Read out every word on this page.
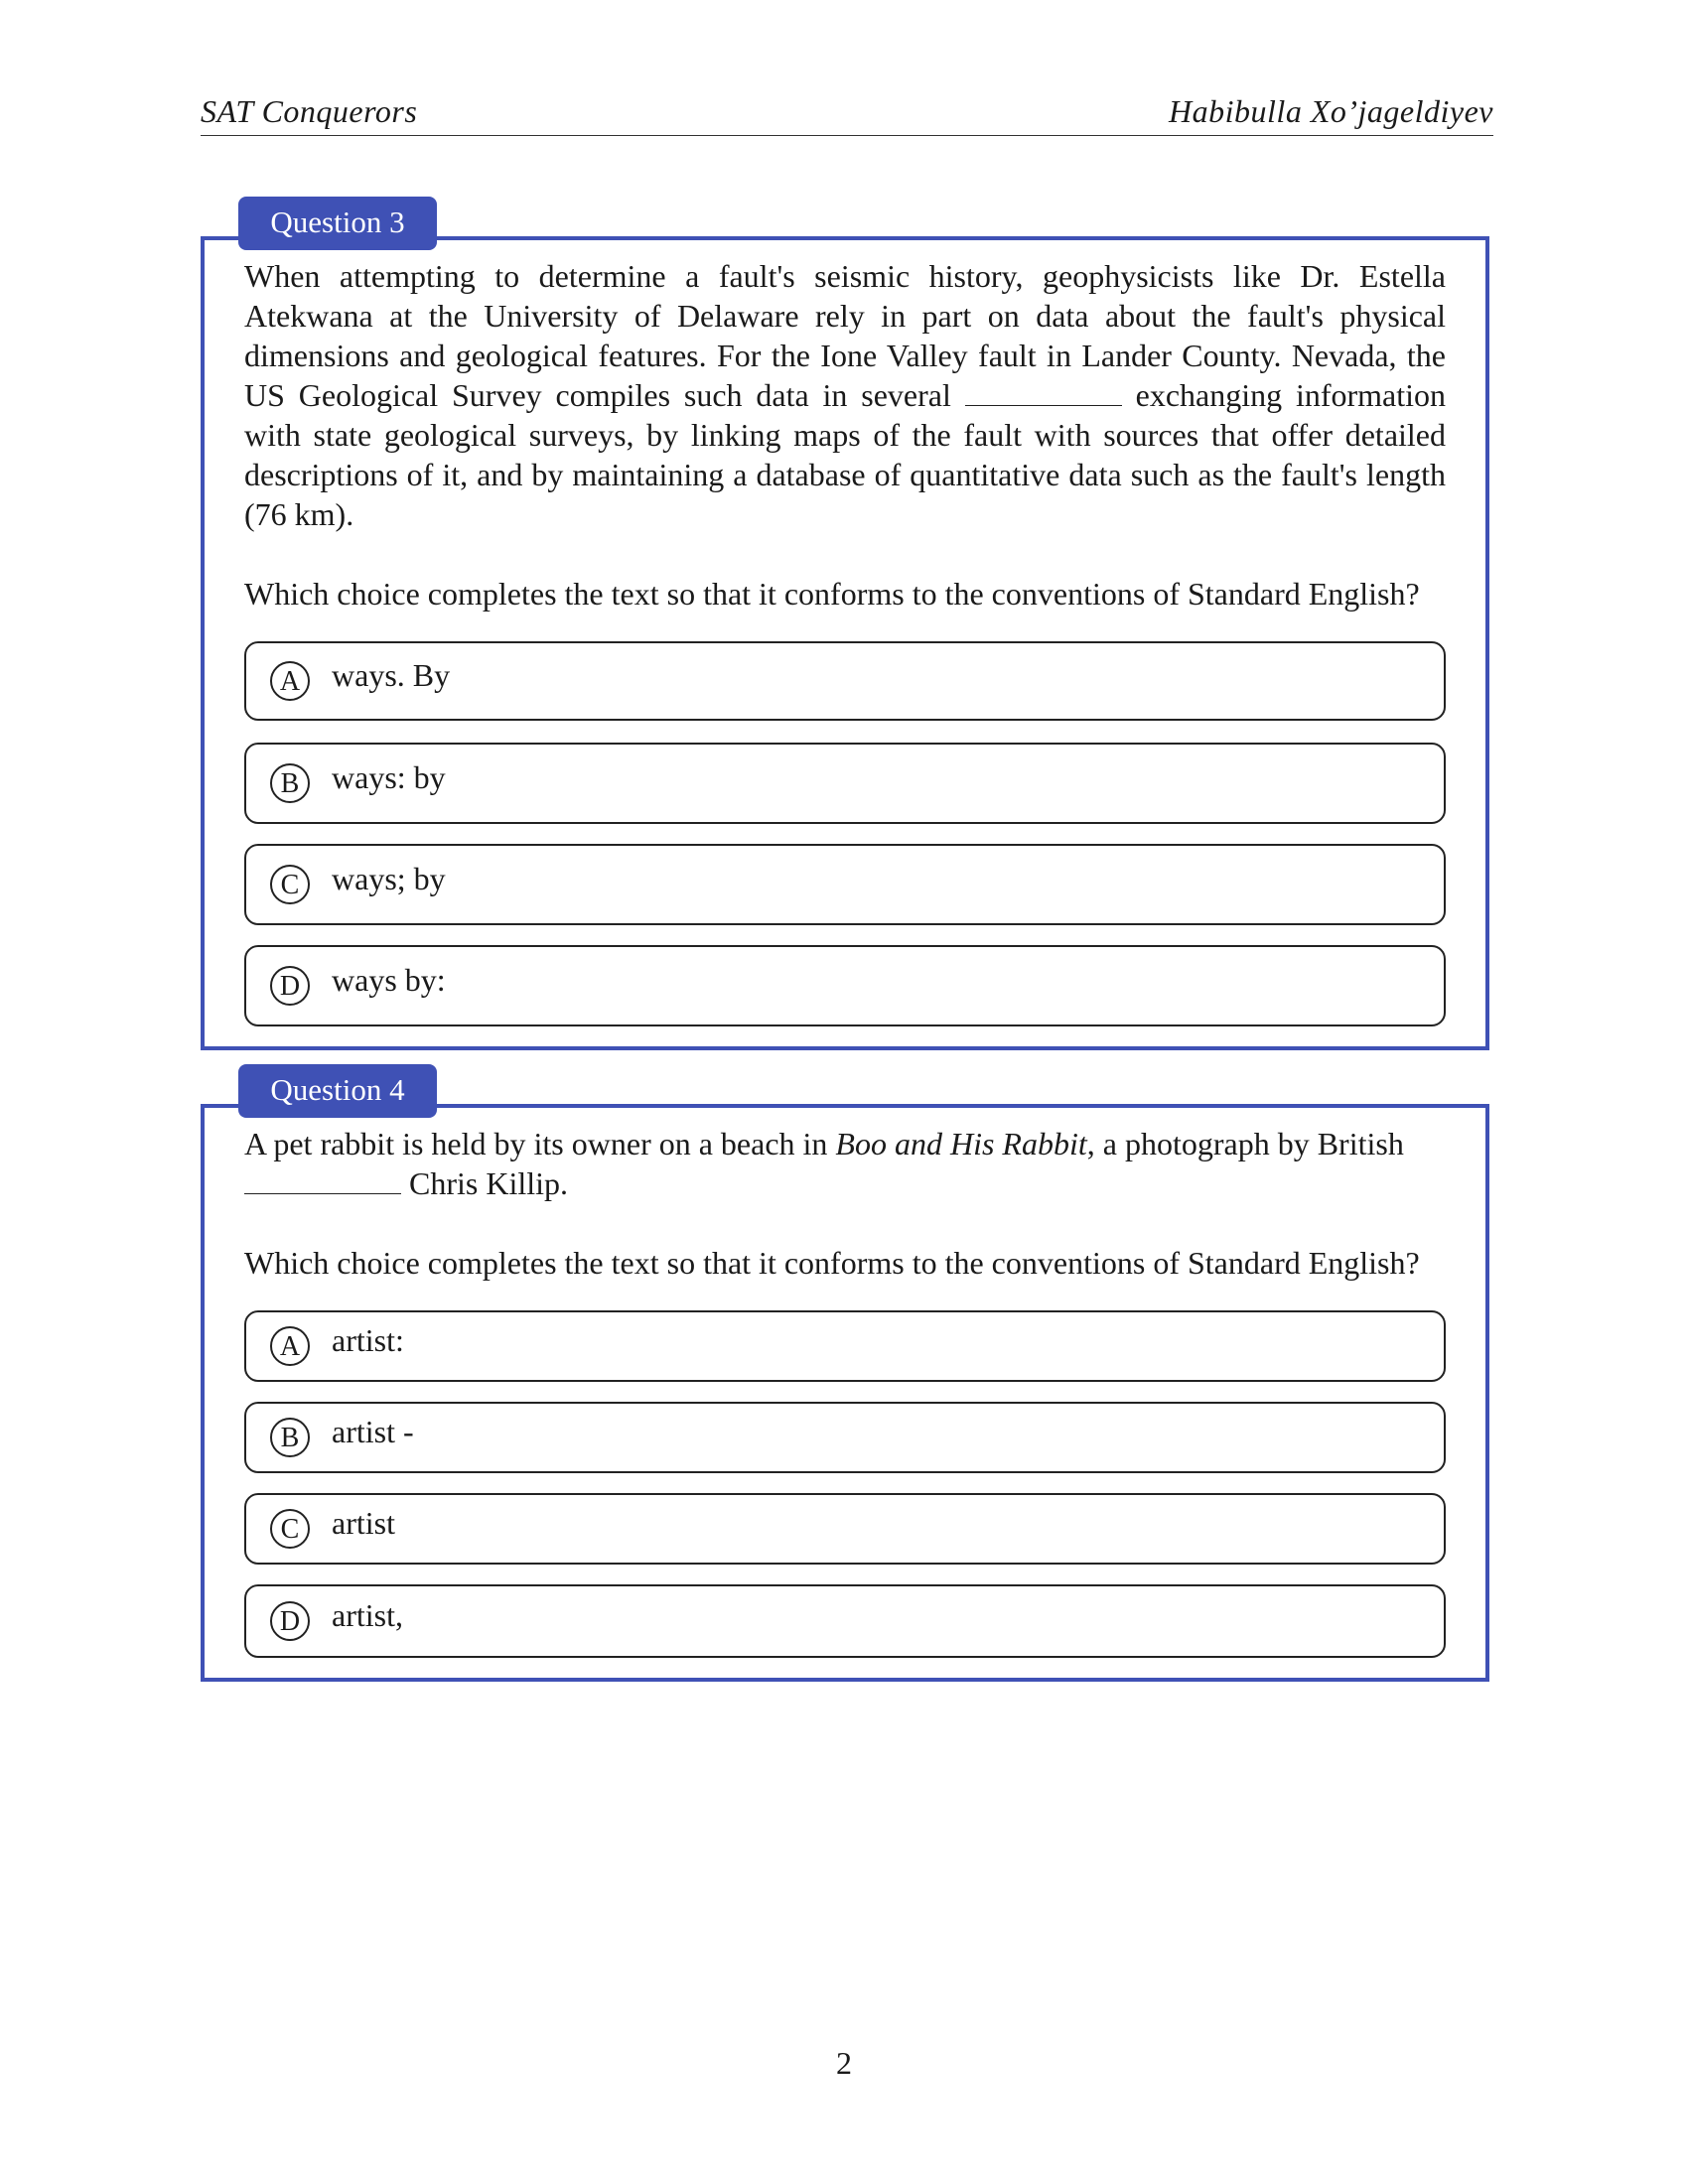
SAT Conquerors	Habibulla Xo’jageldiyev
Question 3

When attempting to determine a fault's seismic history, geophysicists like Dr. Estella Atekwana at the University of Delaware rely in part on data about the fault's physical dimensions and geological features. For the Ione Valley fault in Lander County. Nevada, the US Geological Survey compiles such data in several	exchanging information with state geological surveys, by linking maps of the fault with sources that offer detailed descriptions of it, and by maintaining a database of quantitative data such as the fault's length (76 km).

Which choice completes the text so that it conforms to the conventions of Standard English?

A ways. By
B	ways: by
C	ways; by
D ways by:
Question 4

A pet rabbit is held by its owner on a beach in Boo and His Rabbit, a photograph by British
Chris Killip.

Which choice completes the text so that it conforms to the conventions of Standard English?

A artist:
B	artist -
C	artist
D artist,
2
